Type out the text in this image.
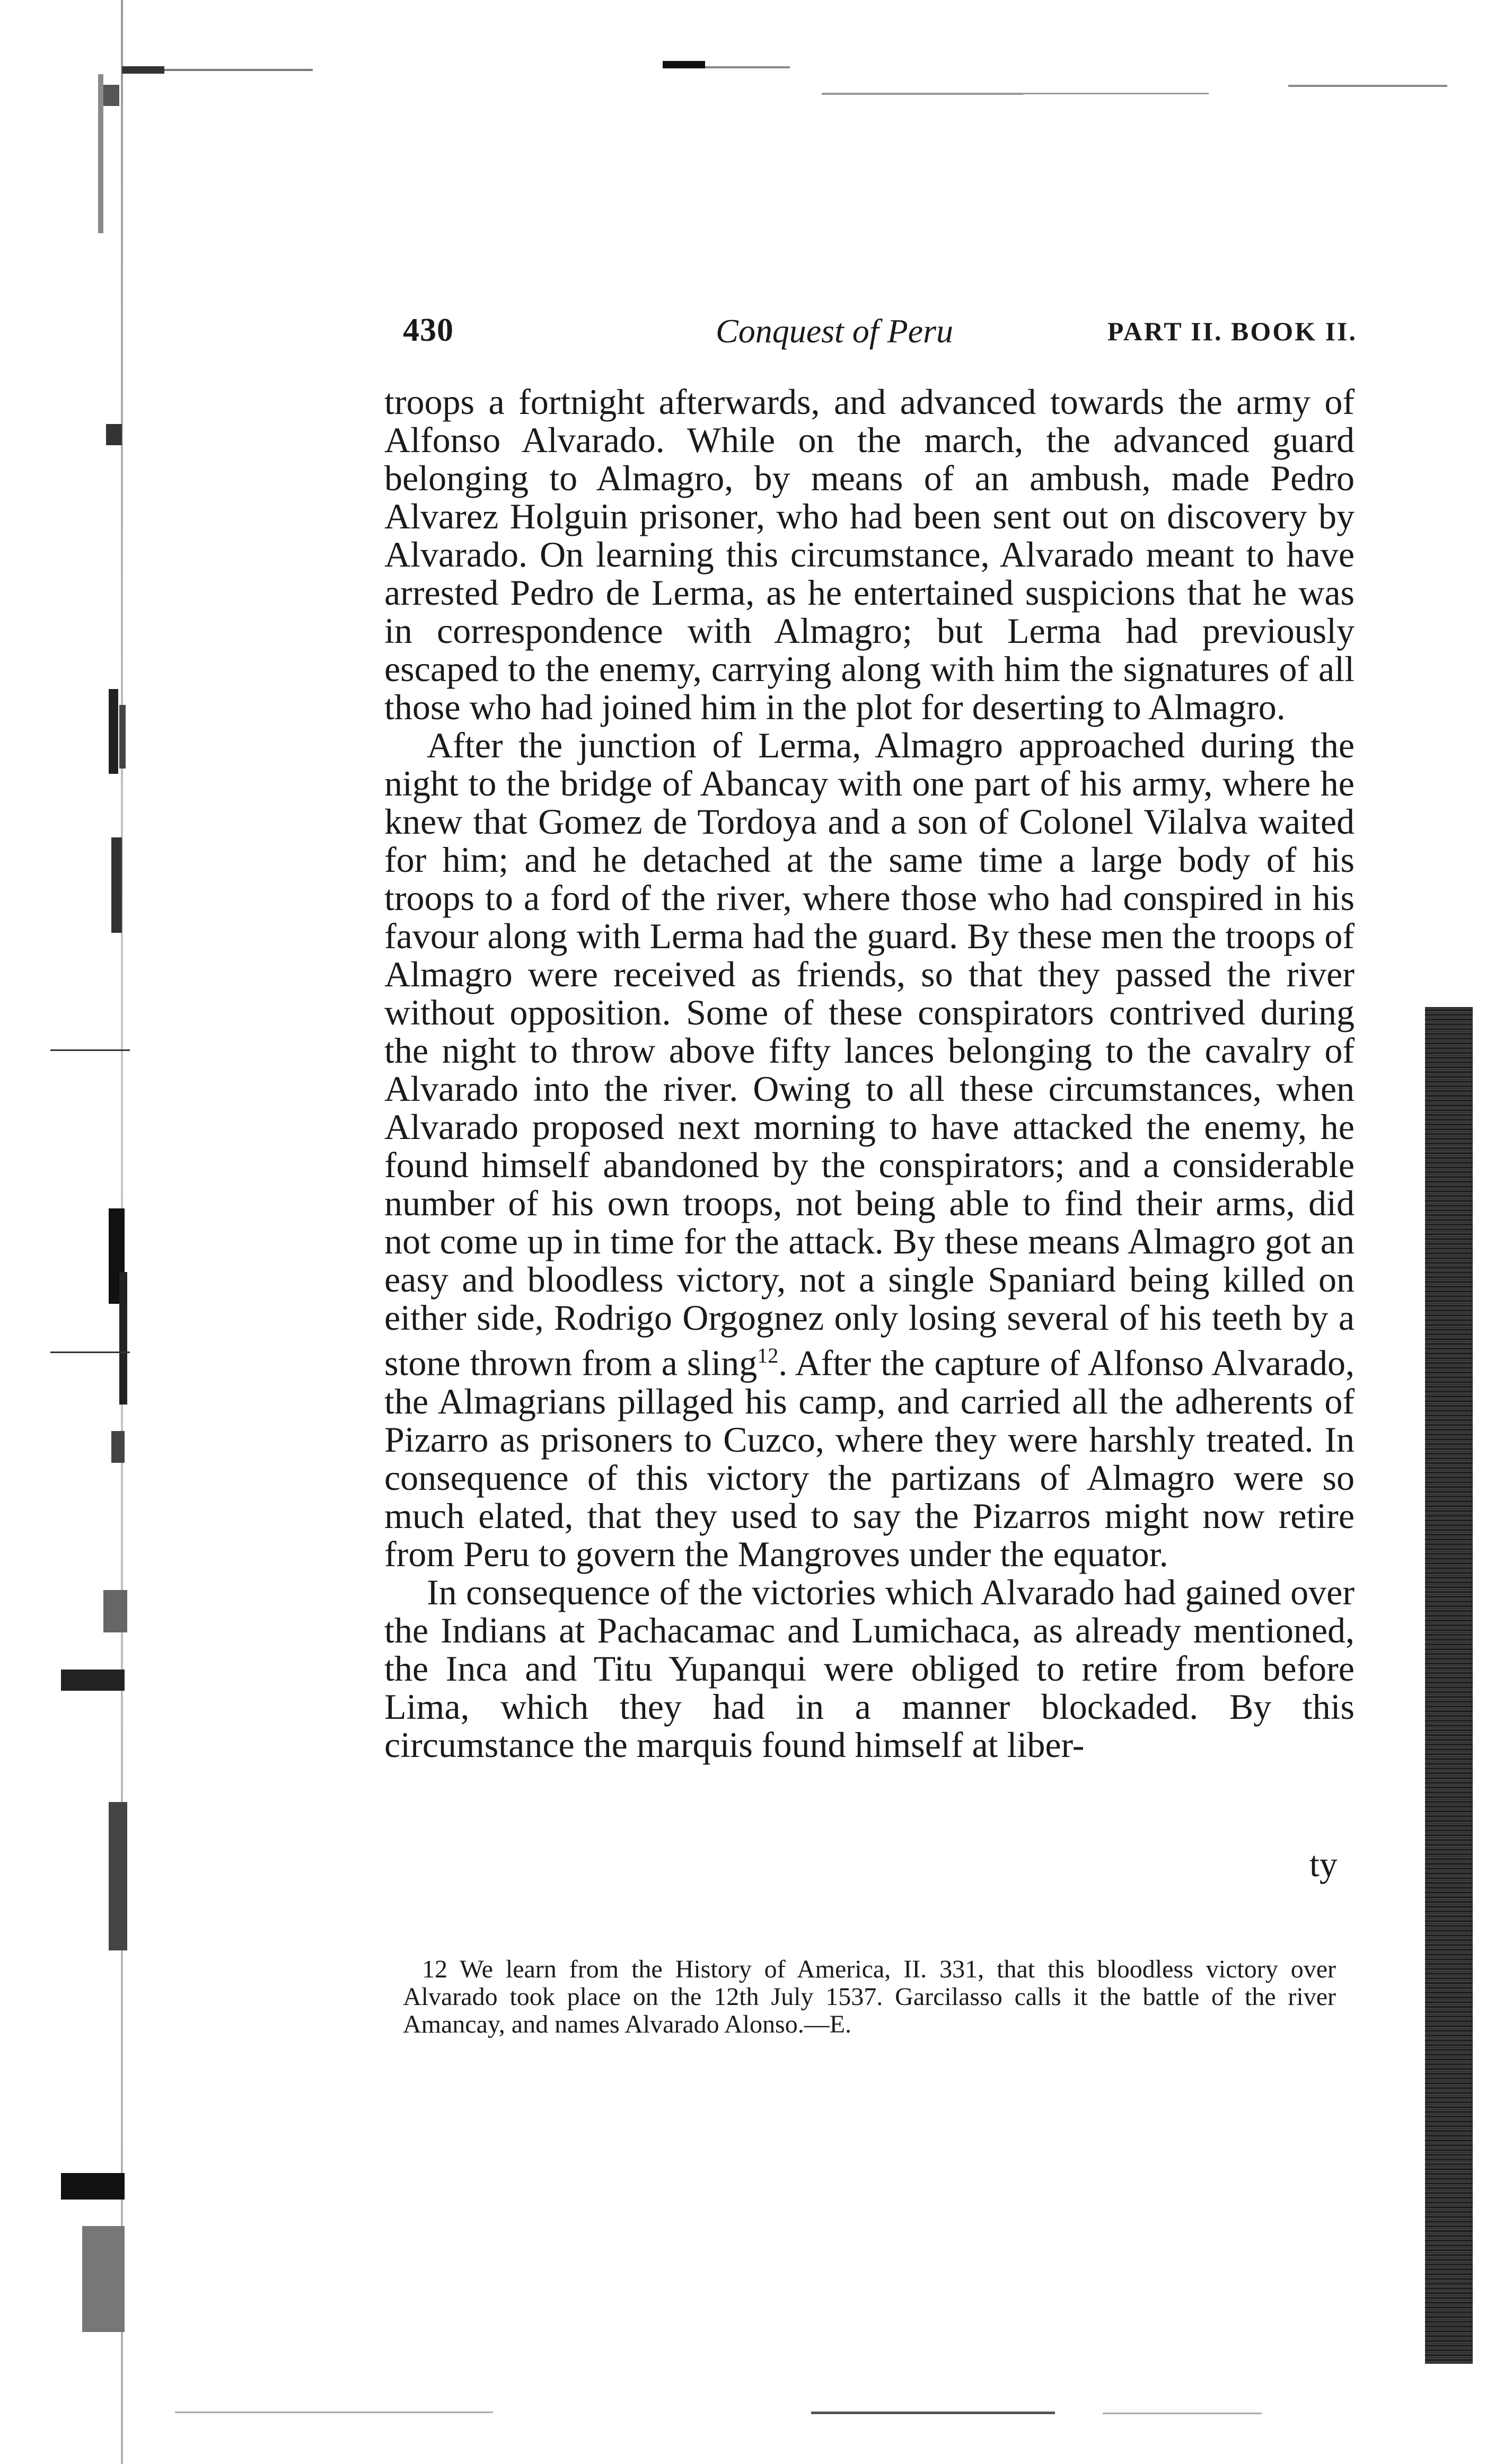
430	Conquest of Peru	PART II. BOOK II.

troops a fortnight afterwards, and advanced towards the army of Alfonso Alvarado. While on the march, the advanced guard belonging to Almagro, by means of an ambush, made Pedro Alvarez Holguin prisoner, who had been sent out on discovery by Alvarado. On learning this circumstance, Alvarado meant to have arrested Pedro de Lerma, as he entertained suspicions that he was in correspondence with Almagro; but Lerma had previously escaped to the enemy, carrying along with him the signatures of all those who had joined him in the plot for deserting to Almagro.

After the junction of Lerma, Almagro approached during the night to the bridge of Abancay with one part of his army, where he knew that Gomez de Tordoya and a son of Colonel Vilalva waited for him; and he detached at the same time a large body of his troops to a ford of the river, where those who had conspired in his favour along with Lerma had the guard. By these men the troops of Almagro were received as friends, so that they passed the river without opposition. Some of these conspirators contrived during the night to throw above fifty lances belonging to the cavalry of Alvarado into the river. Owing to all these circumstances, when Alvarado proposed next morning to have attacked the enemy, he found himself abandoned by the conspirators; and a considerable number of his own troops, not being able to find their arms, did not come up in time for the attack. By these means Almagro got an easy and bloodless victory, not a single Spaniard being killed on either side, Rodrigo Orgognez only losing several of his teeth by a stone thrown from a sling$^{12}$. After the capture of Alfonso Alvarado, the Almagrians pillaged his camp, and carried all the adherents of Pizarro as prisoners to Cuzco, where they were harshly treated. In consequence of this victory the partizans of Almagro were so much elated, that they used to say the Pizarros might now retire from Peru to govern the Mangroves under the equator.

In consequence of the victories which Alvarado had gained over the Indians at Pachacamac and Lumichaca, as already mentioned, the Inca and Titu Yupanqui were obliged to retire from before Lima, which they had in a manner blockaded. By this circumstance the marquis found himself at liber-

ty
12 We learn from the History of America, II. 331, that this bloodless victory over Alvarado took place on the 12th July 1537. Garcilasso calls it the battle of the river Amancay, and names Alvarado Alonso.—E.
